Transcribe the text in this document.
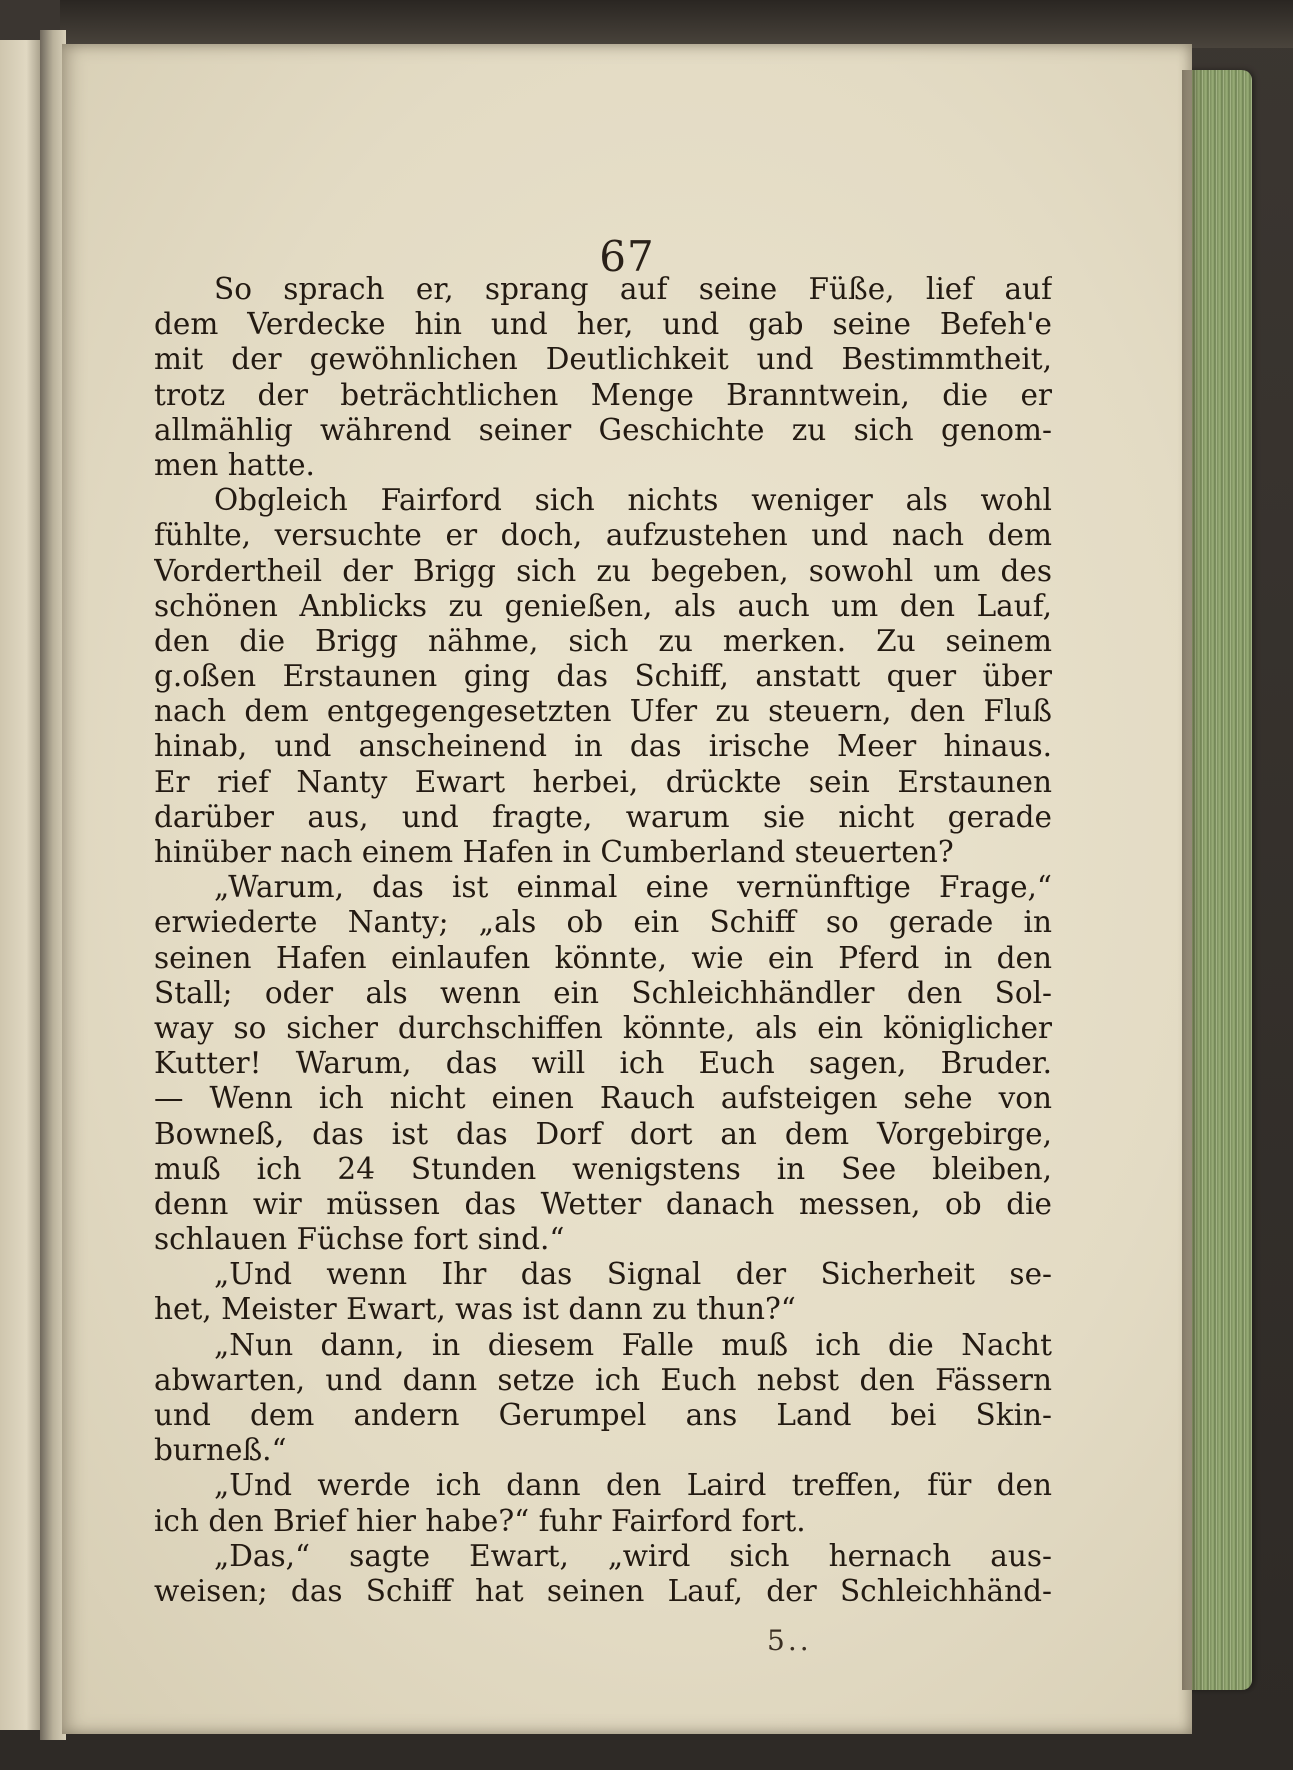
67
So sprach er, sprang auf seine Füße, lief auf
dem Verdecke hin und her, und gab seine Befeh'e
mit der gewöhnlichen Deutlichkeit und Bestimmtheit,
trotz der beträchtlichen Menge Branntwein, die er
allmählig während seiner Geschichte zu sich genom-
men hatte.
Obgleich Fairford sich nichts weniger als wohl
fühlte, versuchte er doch, aufzustehen und nach dem
Vordertheil der Brigg sich zu begeben, sowohl um des
schönen Anblicks zu genießen, als auch um den Lauf,
den die Brigg nähme, sich zu merken. Zu seinem
g.oßen Erstaunen ging das Schiff, anstatt quer über
nach dem entgegengesetzten Ufer zu steuern, den Fluß
hinab, und anscheinend in das irische Meer hinaus.
Er rief Nanty Ewart herbei, drückte sein Erstaunen
darüber aus, und fragte, warum sie nicht gerade
hinüber nach einem Hafen in Cumberland steuerten?
„Warum, das ist einmal eine vernünftige Frage,“
erwiederte Nanty; „als ob ein Schiff so gerade in
seinen Hafen einlaufen könnte, wie ein Pferd in den
Stall; oder als wenn ein Schleichhändler den Sol-
way so sicher durchschiffen könnte, als ein königlicher
Kutter! Warum, das will ich Euch sagen, Bruder.
— Wenn ich nicht einen Rauch aufsteigen sehe von
Bowneß, das ist das Dorf dort an dem Vorgebirge,
muß ich 24 Stunden wenigstens in See bleiben,
denn wir müssen das Wetter danach messen, ob die
schlauen Füchse fort sind.“
„Und wenn Ihr das Signal der Sicherheit se-
het, Meister Ewart, was ist dann zu thun?“
„Nun dann, in diesem Falle muß ich die Nacht
abwarten, und dann setze ich Euch nebst den Fässern
und dem andern Gerumpel ans Land bei Skin-
burneß.“
„Und werde ich dann den Laird treffen, für den
ich den Brief hier habe?“ fuhr Fairford fort.
„Das,“ sagte Ewart, „wird sich hernach aus-
weisen; das Schiff hat seinen Lauf, der Schleichhänd-
5..
